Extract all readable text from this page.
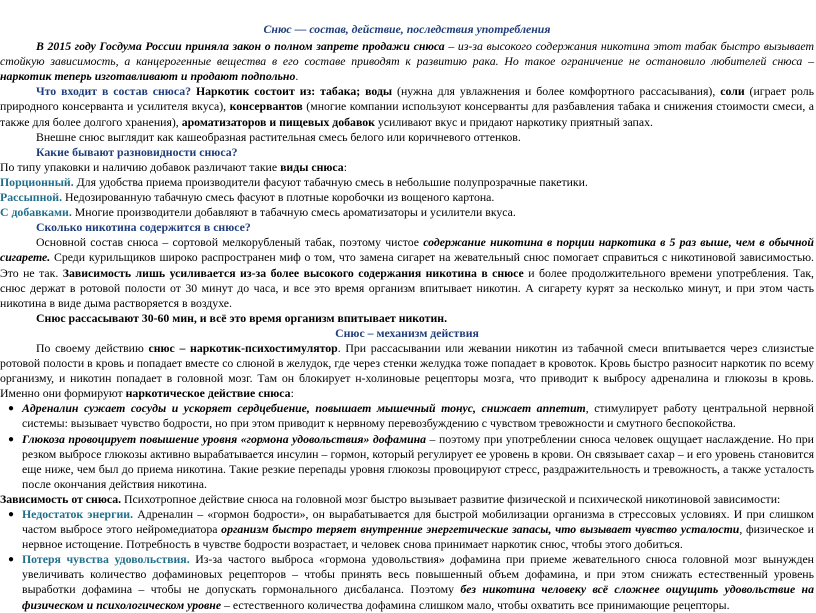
Снюс — состав, действие, последствия употребления

В 2015 году Госдума России приняла закон о полном запрете продажи снюса – из-за высокого содержания никотина этот табак быстро вызывает стойкую зависимость, а канцерогенные вещества в его составе приводят к развитию рака. Но такое ограничение не остановило любителей снюса – наркотик теперь изготавливают и продают подпольно.

Что входит в состав снюса? Наркотик состоит из: табака; воды (нужна для увлажнения и более комфортного рассасывания), соли (играет роль природного консерванта и усилителя вкуса), консервантов (многие компании используют консерванты для разбавления табака и снижения стоимости смеси, а также для более долгого хранения), ароматизаторов и пищевых добавок усиливают вкус и придают наркотику приятный запах.

Внешне снюс выглядит как кашеобразная растительная смесь белого или коричневого оттенков.

Какие бывают разновидности снюса?

По типу упаковки и наличию добавок различают такие виды снюса:

Порционный. Для удобства приема производители фасуют табачную смесь в небольшие полупрозрачные пакетики.

Рассыпной. Недозированную табачную смесь фасуют в плотные коробочки из вощеного картона.

С добавками. Многие производители добавляют в табачную смесь ароматизаторы и усилители вкуса.

Сколько никотина содержится в снюсе?

Основной состав снюса – сортовой мелкорубленый табак, поэтому чистое содержание никотина в порции наркотика в 5 раз выше, чем в обычной сигарете. Среди курильщиков широко распространен миф о том, что замена сигарет на жевательный снюс помогает справиться с никотиновой зависимостью. Это не так. Зависимость лишь усиливается из-за более высокого содержания никотина в снюсе и более продолжительного времени употребления. Так, снюс держат в ротовой полости от 30 минут до часа, и все это время организм впитывает никотин. А сигарету курят за несколько минут, и при этом часть никотина в виде дыма растворяется в воздухе.

Снюс рассасывают 30-60 мин, и всё это время организм впитывает никотин.

Снюс – механизм действия

По своему действию снюс – наркотик-психостимулятор. При рассасывании или жевании никотин из табачной смеси впитывается через слизистые ротовой полости в кровь и попадает вместе со слюной в желудок, где через стенки желудка тоже попадает в кровоток. Кровь быстро разносит наркотик по всему организму, и никотин попадает в головной мозг. Там он блокирует н-холиновые рецепторы мозга, что приводит к выбросу адреналина и глюкозы в кровь. Именно они формируют наркотическое действие снюса:

● Адреналин сужает сосуды и ускоряет сердцебиение, повышает мышечный тонус, снижает аппетит, стимулирует работу центральной нервной системы: вызывает чувство бодрости, но при этом приводит к нервному перевозбуждению с чувством тревожности и смутного беспокойства.

● Глюкоза провоцирует повышение уровня «гормона удовольствия» дофамина – поэтому при употреблении снюса человек ощущает наслаждение. Но при резком выбросе глюкозы активно вырабатывается инсулин – гормон, который регулирует ее уровень в крови. Он связывает сахар – и его уровень становится еще ниже, чем был до приема никотина. Такие резкие перепады уровня глюкозы провоцируют стресс, раздражительность и тревожность, а также усталость после окончания действия никотина.

Зависимость от снюса. Психотропное действие снюса на головной мозг быстро вызывает развитие физической и психической никотиновой зависимости:

● Недостаток энергии. Адреналин – «гормон бодрости», он вырабатывается для быстрой мобилизации организма в стрессовых условиях. И при слишком частом выбросе этого нейромедиатора организм быстро теряет внутренние энергетические запасы, что вызывает чувство усталости, физическое и нервное истощение. Потребность в чувстве бодрости возрастает, и человек снова принимает наркотик снюс, чтобы этого добиться.

● Потеря чувства удовольствия. Из-за частого выброса «гормона удовольствия» дофамина при приеме жевательного снюса головной мозг вынужден увеличивать количество дофаминовых рецепторов – чтобы принять весь повышенный объем дофамина, и при этом снижать естественный уровень выработки дофамина – чтобы не допускать гормонального дисбаланса. Поэтому без никотина человеку всё сложнее ощущить удовольствие на физическом и психологическом уровне – естественного количества дофамина слишком мало, чтобы охватить все принимающие рецепторы.
